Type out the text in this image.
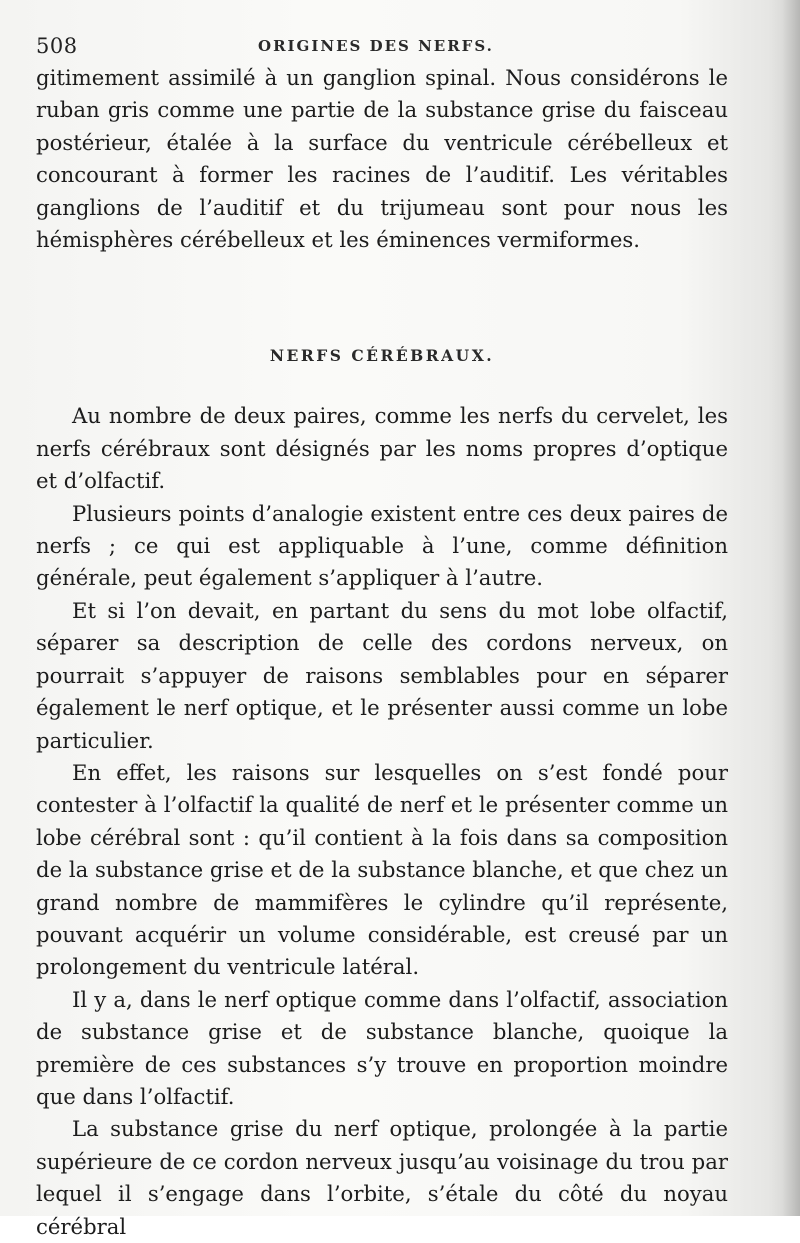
508	ORIGINES DES NERFS.

gitimement assimilé à un ganglion spinal. Nous considérons le ruban gris comme une partie de la substance grise du faisceau postérieur, étalée à la surface du ventricule cérébelleux et concourant à former les racines de l’auditif. Les véritables ganglions de l’auditif et du trijumeau sont pour nous les hémisphères cérébelleux et les éminences vermiformes.

NERFS CÉRÉBRAUX.

Au nombre de deux paires, comme les nerfs du cervelet, les nerfs cérébraux sont désignés par les noms propres d’optique et d’olfactif.

Plusieurs points d’analogie existent entre ces deux paires de nerfs ; ce qui est appliquable à l’une, comme définition générale, peut également s’appliquer à l’autre.

Et si l’on devait, en partant du sens du mot lobe olfactif, séparer sa description de celle des cordons nerveux, on pourrait s’appuyer de raisons semblables pour en séparer également le nerf optique, et le présenter aussi comme un lobe particulier.

En effet, les raisons sur lesquelles on s’est fondé pour contester à l’olfactif la qualité de nerf et le présenter comme un lobe cérébral sont : qu’il contient à la fois dans sa composition de la substance grise et de la substance blanche, et que chez un grand nombre de mammifères le cylindre qu’il représente, pouvant acquérir un volume considérable, est creusé par un prolongement du ventricule latéral.

Il y a, dans le nerf optique comme dans l’olfactif, association de substance grise et de substance blanche, quoique la première de ces substances s’y trouve en proportion moindre que dans l’olfactif.

La substance grise du nerf optique, prolongée à la partie supérieure de ce cordon nerveux jusqu’au voisinage du trou par lequel il s’engage dans l’orbite, s’étale du côté du noyau cérébral
